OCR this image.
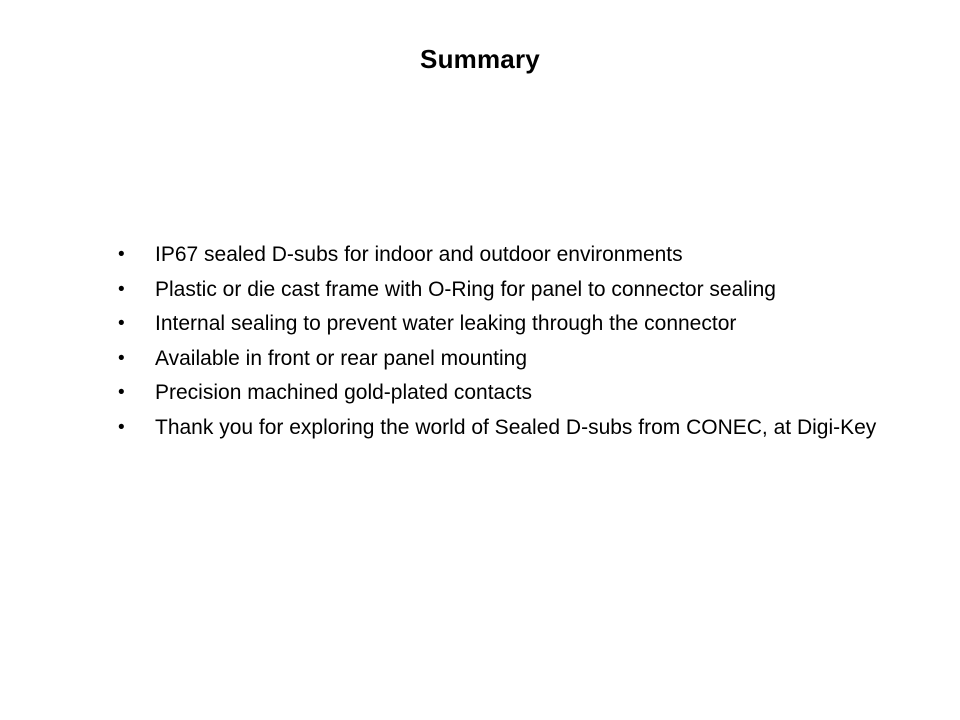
Summary
•	IP67 sealed D-subs for indoor and outdoor environments
•	Plastic or die cast frame with O-Ring for panel to connector sealing
•	Internal sealing to prevent water leaking through the connector
•	Available in front or rear panel mounting
•	Precision machined gold-plated contacts
•	Thank you for exploring the world of Sealed D-subs from CONEC, at Digi-Key
